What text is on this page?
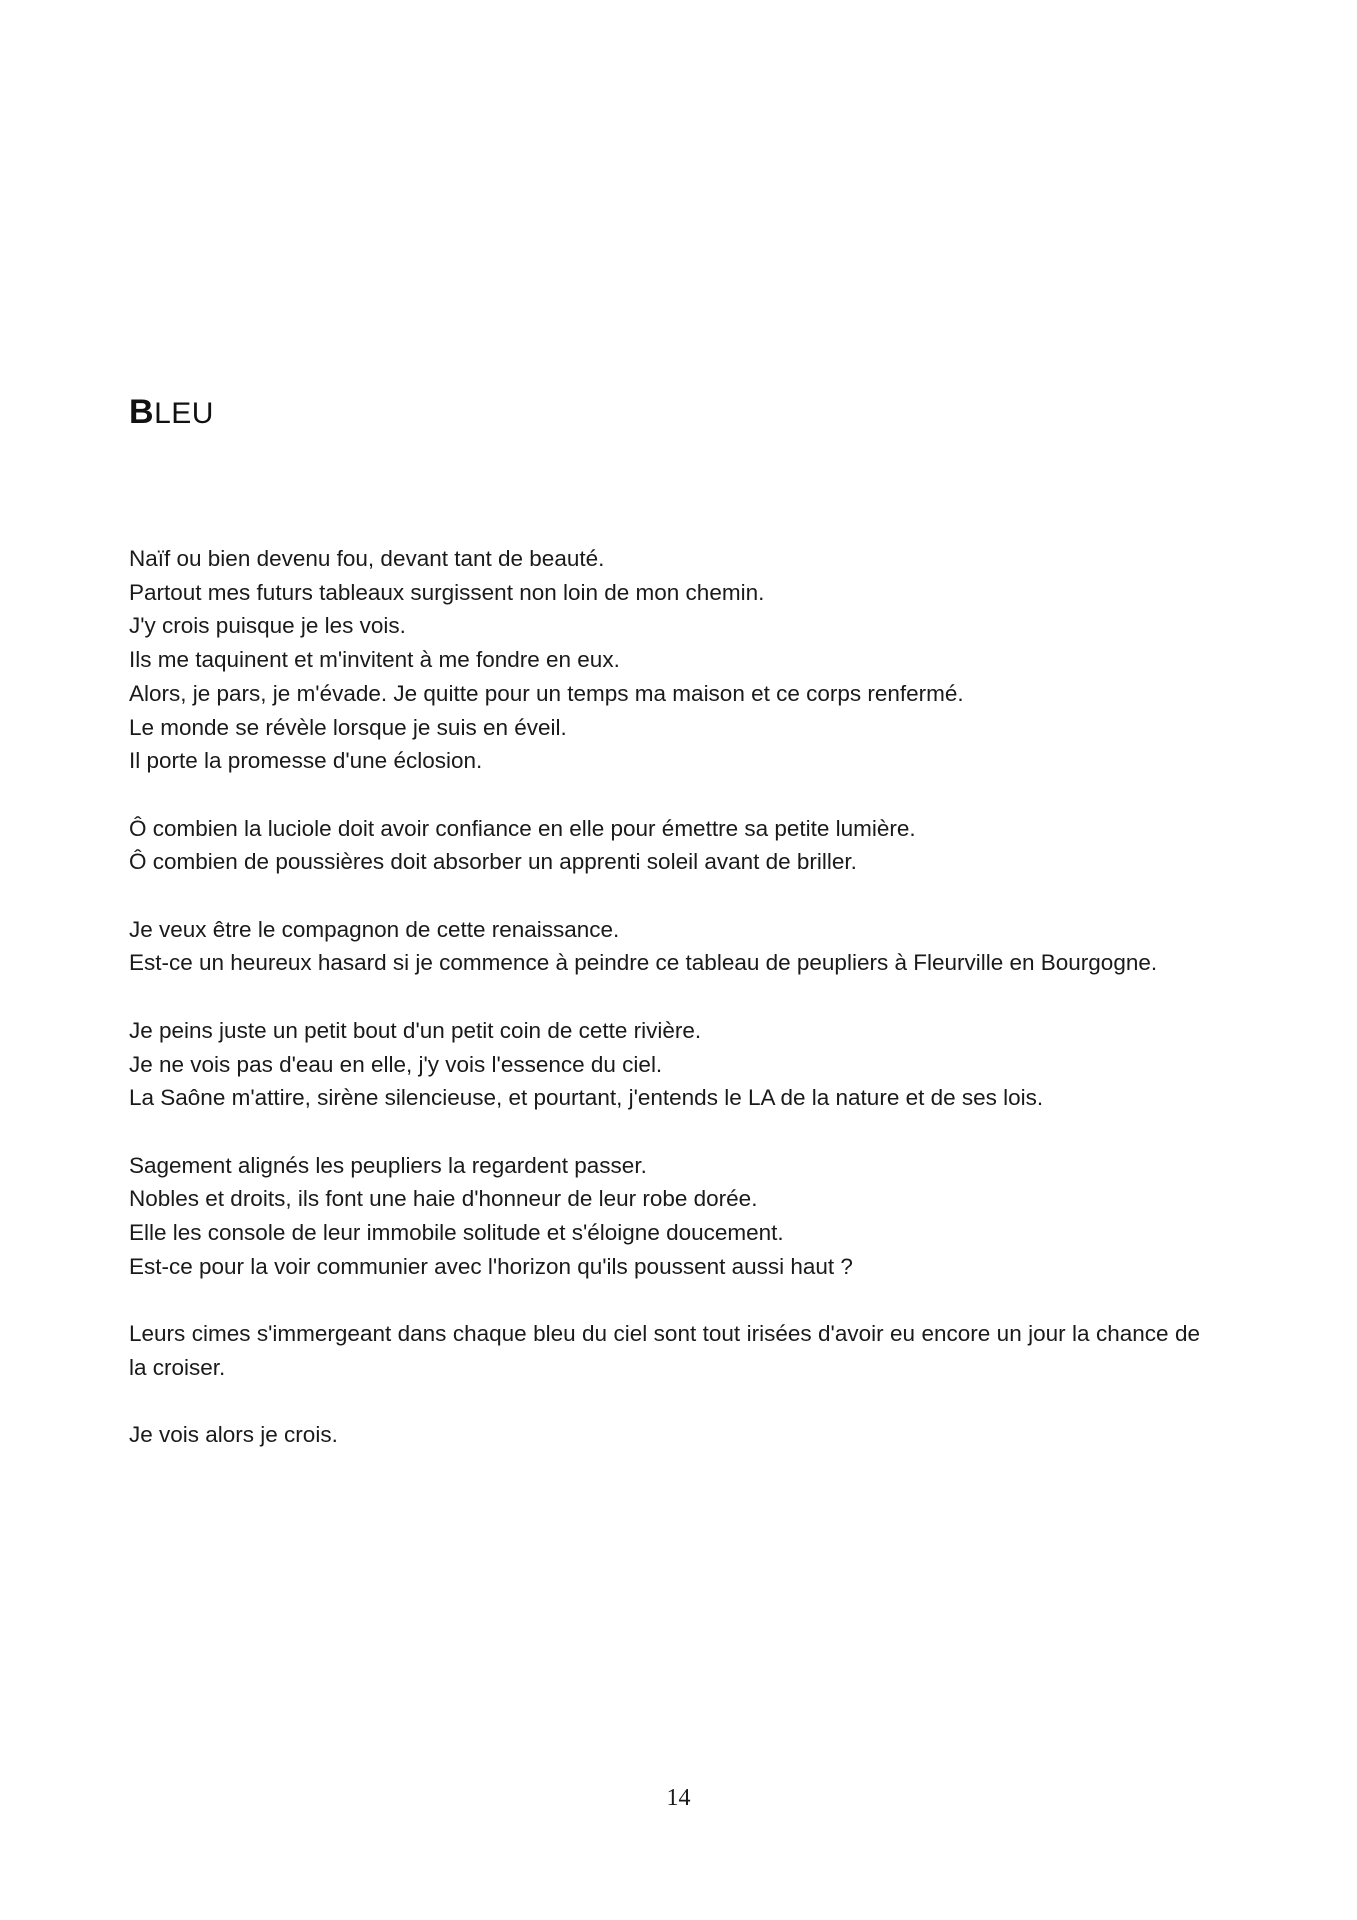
BLEU
Naïf ou bien devenu fou, devant tant de beauté.
Partout mes futurs tableaux surgissent non loin de mon chemin.
J'y crois puisque je les vois.
Ils me taquinent et m'invitent à me fondre en eux.
Alors, je pars, je m'évade. Je quitte pour un temps ma maison et ce corps renfermé.
Le monde se révèle lorsque je suis en éveil.
Il porte la promesse d'une éclosion.
Ô combien la luciole doit avoir confiance en elle pour émettre sa petite lumière.
Ô combien de poussières doit absorber un apprenti soleil avant de briller.
Je veux être le compagnon de cette renaissance.
Est-ce un heureux hasard si je commence à peindre ce tableau de peupliers à Fleurville en Bourgogne.
Je peins juste un petit bout d'un petit coin de cette rivière.
Je ne vois pas d'eau en elle, j'y vois l'essence du ciel.
La Saône m'attire, sirène silencieuse, et pourtant, j'entends le LA de la nature et de ses lois.
Sagement alignés les peupliers la regardent passer.
Nobles et droits, ils font une haie d'honneur de leur robe dorée.
Elle les console de leur immobile solitude et s'éloigne doucement.
Est-ce pour la voir communier avec l'horizon qu'ils poussent aussi haut ?
Leurs cimes s'immergeant dans chaque bleu du ciel sont tout irisées d'avoir eu encore un jour la chance de la croiser.
Je vois alors je crois.
14
